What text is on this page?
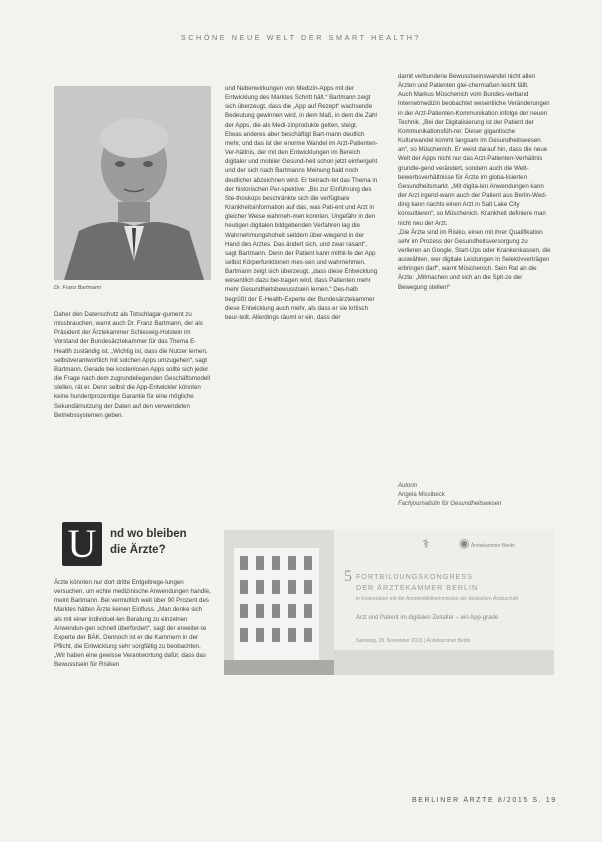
SCHÖNE NEUE WELT DER SMART HEALTH?
Dr. Franz Bartmann

Daher den Datenschutz als Totschlagar-gument zu missbrauchen, warnt auch Dr. Franz Bartmann, der als Präsident der Ärztekammer Schleswig-Holstein im Vorstand der Bundesärztekammer für das Thema E-Health zuständig ist. „Wichtig ist, dass die Nutzer lernen, selbstverantwortlich mit solchen Apps umzugehen“, sagt Bartmann. Gerade bei kostenlosen Apps sollte sich jeder die Frage nach dem zugrundeliegenden Geschäftsmodell stellen, rät er. Denn selbst die App-Entwickler könnten keine hundertprozentige Garantie für eine mögliche Sekundärnutzung der Daten auf den verwendeten Betriebssystemen geben.

U	nd wo bleiben
die Ärzte?

Ärzte könnten nur dort dritte Entgeltrege-lungen versuchen, um echte medizinische Anwendungen handle, meint Bartmann. Bei vermutlich weit über 90 Prozent des Marktes hätten Ärzte keinen Einfluss. „Man denke sich als mit einer individuel-len Beratung zu einzelnen Anwendun-gen schnell überfordert“, sagt der erweiter-te Experte der BÄK. Dennoch ist er die Kammern in der Pflicht, die Entwicklung sehr sorgfältig zu beobachten. „Wir haben eine gewisse Verantwortung dafür, dass das Bewusstsein für Risiken

und Nebenwirkungen von Medizin-Apps mit der Entwicklung des Marktes Schritt hält.“ Bartmann zeigt sich überzeugt, dass die „App auf Rezept“ wachsende Bedeutung gewinnen wird, in dem Maß, in dem die Zahl der Apps, die als Medi-zinprodukte gelten, steigt.

Etwas anderes aber beschäftigt Bart-mann deutlich mehr, und das ist der enorme Wandel im Arzt-Patienten-Ver-hältnis, der mit den Entwicklungen im Bereich digitaler und mobiler Gesund-heit schon jetzt einhergeht und der sich nach Bartmanns Meinung bald noch deutlicher abzeichnen wird. Er betrach-tet das Thema in der historischen Per-spektive: „Bis zur Einführung des Ste-thoskops beschränkte sich die verfügbare Krankheitsinformation auf das, was Pati-ent und Arzt in gleicher Weise wahrneh-men konnten. Ungefähr in den heutigen digitalen bildgebenden Verfahren lag die Wahrnehmungshoheit seitdem über-wiegend in der Hand des Arztes. Das ändert sich, und zwar rasant“, sagt Bartmann. Denn der Patient kann mithil-fe der App selbst Körperfunktionen mes-sen und wahrnehmen.

Bartmann zeigt sich überzeugt, „dass diese Entwicklung wesentlich dazu bei-tragen wird, dass Patienten mehr mehr Gesundheitsbewusstsein lernen.“ Des-halb begrüßt der E-Health-Experte der Bundesärztekammer diese Entwicklung auch mehr, als dass er sie kritisch beur-teilt. Allerdings räumt er ein, dass der

damit verbundene Bewusstseinswandel nicht allen Ärzten und Patienten glei-chermaßen leicht fällt.

Auch Markus Müschenich vom Bundes-verband Internetmedizin beobachtet wesentliche Veränderungen in der Arzt-Patienten-Kommunikation infolge der neuen Technik. „Bei der Digitalisierung ist der Patient der Kommunikationsfüh-rer. Dieser gigantische Kulturwandel kommt langsam im Gesundheitswesen an“, so Müschenich. Er weist darauf hin, dass die neue Welt der Apps nicht nur das Arzt-Patienten-Verhältnis grundle-gend verändert, sondern auch die Wett-bewerbsverhältnisse für Ärzte im globa-lisierten Gesundheitsmarkt. „Mit digita-len Anwendungen kann der Arzt irgend-wann auch der Patient aus Berlin-Wed-ding kann nachts einen Arzt in Salt Lake City konsultieren“, so Müschenich. Krankheit definiere man nicht neu der Arzt.

„Die Ärzte sind im Risiko, einen mit ihrer Qualifikation sehr im Prozess der Gesundheitsversorgung zu verlieren an Google, Start-Ups oder Krankenkassen, die auswählen, wer digitale Leistungen in Selektivverträgen erbringen darf“, warnt Müschenich. Sein Rat an die Ärzte: „Mitmachen und sich an die Spit-ze der Bewegung stellen!“

Autorin
Angela Misslbeck
Fachjournalistin für Gesundheitswesen
⚕	◉ Ärztekammer Berlin
5 FORTBILDUNGSKONGRESS
DER ÄRZTEKAMMER BERLIN
in Kooperation mit der Arzneimittelkommission der deutschen Ärzteschaft
Arzt und Patient im digitalen Zeitalter – ein App-grade
Samstag, 28. November 2015 | Ärztekammer Berlin
BERLINER ÄRZTE 8/2015 S. 19
